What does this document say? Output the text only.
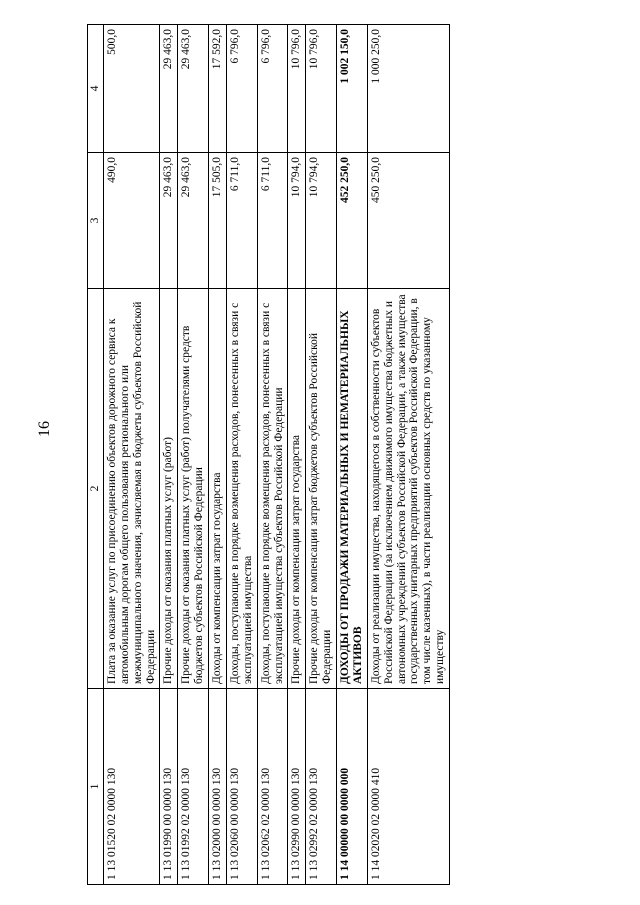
16
1	2	3	4
1 13 01520 02 0000 130	Плата за оказание услуг по присоединению объектов дорожного сервиса к автомобильным дорогам общего пользования регионального или межмуниципального значения, зачисляемая в бюджеты субъектов Российской Федерации	490,0	500,0
1 13 01990 00 0000 130	Прочие доходы от оказания платных услуг (работ)	29 463,0	29 463,0
1 13 01992 02 0000 130	Прочие доходы от оказания платных услуг (работ) получателями средств бюджетов субъектов Российской Федерации	29 463,0	29 463,0
1 13 02000 00 0000 130	Доходы от компенсации затрат государства	17 505,0	17 592,0
1 13 02060 00 0000 130	Доходы, поступающие в порядке возмещения расходов, понесенных в связи с эксплуатацией имущества	6 711,0	6 796,0
1 13 02062 02 0000 130	Доходы, поступающие в порядке возмещения расходов, понесенных в связи с эксплуатацией имущества субъектов Российской Федерации	6 711,0	6 796,0
1 13 02990 00 0000 130	Прочие доходы от компенсации затрат государства	10 794,0	10 796,0
1 13 02992 02 0000 130	Прочие доходы от компенсации затрат бюджетов субъектов Российской Федерации	10 794,0	10 796,0
1 14 00000 00 0000 000	ДОХОДЫ ОТ ПРОДАЖИ МАТЕРИАЛЬНЫХ И НЕМАТЕРИАЛЬНЫХ АКТИВОВ	452 250,0	1 002 150,0
1 14 02020 02 0000 410	Доходы от реализации имущества, находящегося в собственности субъектов Российской Федерации (за исключением движимого имущества бюджетных и автономных учреждений субъектов Российской Федерации, а также имущества государственных унитарных предприятий субъектов Российской Федерации, в том числе казенных), в части реализации основных средств по указанному имуществу	450 250,0	1 000 250,0
